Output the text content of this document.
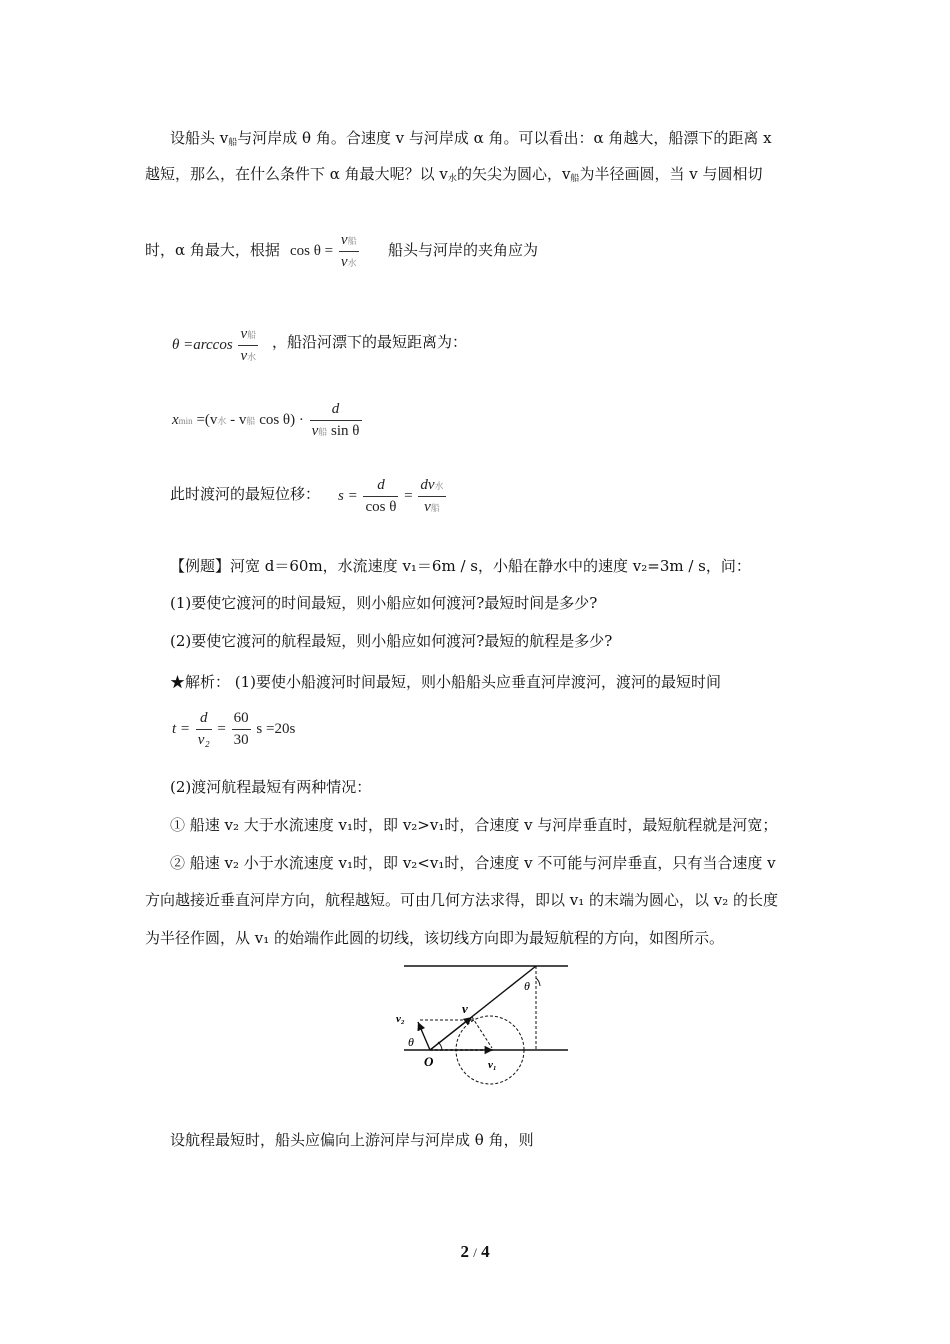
设船头 $v_船$与河岸成 θ 角。合速度 v 与河岸成 α 角。可以看出：α 角越大，船漂下的距离 x
越短，那么，在什么条件下 α 角最大呢？以 $v_水$的矢尖为圆心，$v_船$为半径画圆，当 v 与圆相切
时，α 角最大，根据 $\cos \theta = \frac{\text{v船}}{\text{v水}}$ 船头与河岸的夹角应为
$\theta =\arccos \frac{\text{v船}}{\text{v水}}$ ，船沿河漂下的最短距离为：
xmin =(v水 - v船 $\cos \theta) \cdot \frac{d}{\text{v船 sin θ}}$
此时渡河的最短位移： $s = \frac{d}{\text{cos θ}} = \frac{\text{dv水}}{\text{v船}}$
【例题】河宽 d＝60m，水流速度 v₁＝6m / s，小船在静水中的速度 v₂=3m / s，问：
(1)要使它渡河的时间最短，则小船应如何渡河?最短时间是多少?
(2)要使它渡河的航程最短，则小船应如何渡河?最短的航程是多少?
★解析： (1)要使小船渡河时间最短，则小船船头应垂直河岸渡河，渡河的最短时间
$t = \frac{d}{\text{v₂}} = \frac{60}{30}$ s =20s
(2)渡河航程最短有两种情况：
① 船速 v₂ 大于水流速度 v₁时，即 v₂>v₁时，合速度 v 与河岸垂直时，最短航程就是河宽；
② 船速 v₂ 小于水流速度 v₁时，即 v₂<v₁时，合速度 v 不可能与河岸垂直，只有当合速度 v
方向越接近垂直河岸方向，航程越短。可由几何方法求得，即以 v₁ 的末端为圆心，以 v₂ 的长度
为半径作圆，从 v₁ 的始端作此圆的切线，该切线方向即为最短航程的方向，如图所示。
θ
θ
O
v
v₁
v₂
设航程最短时，船头应偏向上游河岸与河岸成 θ 角，则
2 / 4
